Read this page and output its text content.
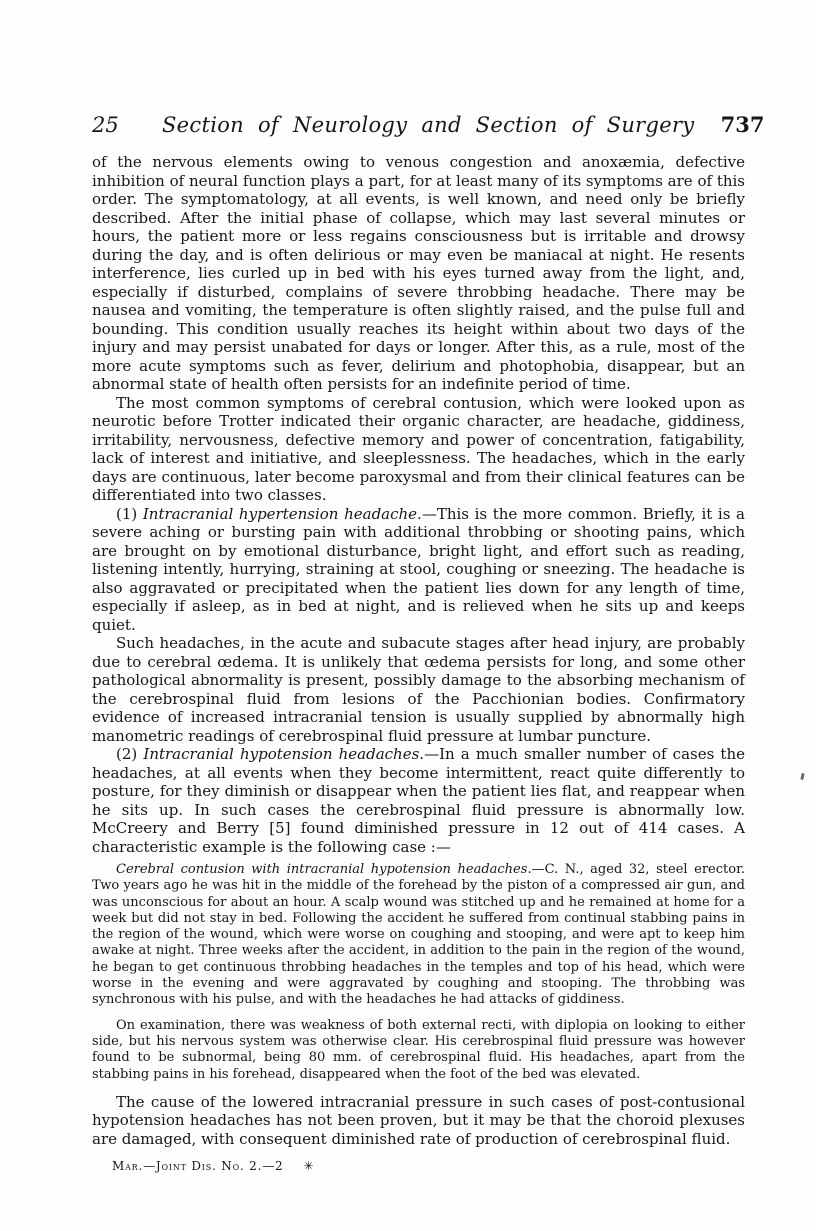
25	Section of Neurology and Section of Surgery	737

of the nervous elements owing to venous congestion and anoxæmia, defective inhibition of neural function plays a part, for at least many of its symptoms are of this order. The symptomatology, at all events, is well known, and need only be briefly described. After the initial phase of collapse, which may last several minutes or hours, the patient more or less regains consciousness but is irritable and drowsy during the day, and is often delirious or may even be maniacal at night. He resents interference, lies curled up in bed with his eyes turned away from the light, and, especially if disturbed, complains of severe throbbing headache. There may be nausea and vomiting, the temperature is often slightly raised, and the pulse full and bounding. This condition usually reaches its height within about two days of the injury and may persist unabated for days or longer. After this, as a rule, most of the more acute symptoms such as fever, delirium and photophobia, disappear, but an abnormal state of health often persists for an indefinite period of time.

The most common symptoms of cerebral contusion, which were looked upon as neurotic before Trotter indicated their organic character, are headache, giddiness, irritability, nervousness, defective memory and power of concentration, fatigability, lack of interest and initiative, and sleeplessness. The headaches, which in the early days are continuous, later become paroxysmal and from their clinical features can be differentiated into two classes.

(1) Intracranial hypertension headache.—This is the more common. Briefly, it is a severe aching or bursting pain with additional throbbing or shooting pains, which are brought on by emotional disturbance, bright light, and effort such as reading, listening intently, hurrying, straining at stool, coughing or sneezing. The headache is also aggravated or precipitated when the patient lies down for any length of time, especially if asleep, as in bed at night, and is relieved when he sits up and keeps quiet.

Such headaches, in the acute and subacute stages after head injury, are probably due to cerebral œdema. It is unlikely that œdema persists for long, and some other pathological abnormality is present, possibly damage to the absorbing mechanism of the cerebrospinal fluid from lesions of the Pacchionian bodies. Confirmatory evidence of increased intracranial tension is usually supplied by abnormally high manometric readings of cerebrospinal fluid pressure at lumbar puncture.

(2) Intracranial hypotension headaches.—In a much smaller number of cases the headaches, at all events when they become intermittent, react quite differently to posture, for they diminish or disappear when the patient lies flat, and reappear when he sits up. In such cases the cerebrospinal fluid pressure is abnormally low. McCreery and Berry [5] found diminished pressure in 12 out of 414 cases. A characteristic example is the following case :—

Cerebral contusion with intracranial hypotension headaches.—C. N., aged 32, steel erector. Two years ago he was hit in the middle of the forehead by the piston of a compressed air gun, and was unconscious for about an hour. A scalp wound was stitched up and he remained at home for a week but did not stay in bed. Following the accident he suffered from continual stabbing pains in the region of the wound, which were worse on coughing and stooping, and were apt to keep him awake at night. Three weeks after the accident, in addition to the pain in the region of the wound, he began to get continuous throbbing headaches in the temples and top of his head, which were worse in the evening and were aggravated by coughing and stooping. The throbbing was synchronous with his pulse, and with the headaches he had attacks of giddiness.

On examination, there was weakness of both external recti, with diplopia on looking to either side, but his nervous system was otherwise clear. His cerebrospinal fluid pressure was however found to be subnormal, being 80 mm. of cerebrospinal fluid. His headaches, apart from the stabbing pains in his forehead, disappeared when the foot of the bed was elevated.

The cause of the lowered intracranial pressure in such cases of post-contusional hypotension headaches has not been proven, but it may be that the choroid plexuses are damaged, with consequent diminished rate of production of cerebrospinal fluid.

Mar.—Joint Dis. No. 2.—2 ✳
